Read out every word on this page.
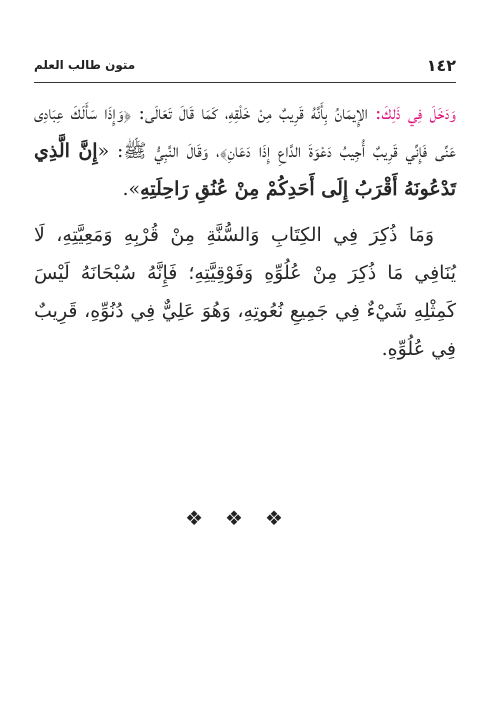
١٤٢
متون طالب العلم

وَدَخَلَ فِي ذَلِكَ: الإِيمَانُ بِأَنَّهُ قَرِيبٌ مِنْ خَلْقِهِ، كَمَا قَالَ تَعَالَى: ﴿وَإِذَا سَأَلَكَ عِبَادِى عَنِّى فَإِنِّي قَرِيبٌ أُجِيبُ دَعْوَةَ الدَّاعِ إِذَا دَعَانِ﴾، وَقَالَ النَّبِيُّ ﷺ: «إِنَّ الَّذِي تَدْعُونَهُ أَقْرَبُ إِلَى أَحَدِكُمْ مِنْ عُنُقِ رَاحِلَتِهِ».

وَمَا ذُكِرَ فِي الكِتَابِ وَالسُّنَّةِ مِنْ قُرْبِهِ وَمَعِيَّتِهِ، لَا يُنَافِي مَا ذُكِرَ مِنْ عُلُوِّهِ وَفَوْقِيَّتِهِ؛ فَإِنَّهُ سُبْحَانَهُ لَيْسَ كَمِثْلِهِ شَيْءٌ فِي جَمِيعِ نُعُوتِهِ، وَهُوَ عَلِيٌّ فِي دُنُوِّهِ، قَرِيبٌ فِي عُلُوِّهِ.

❖❖❖
